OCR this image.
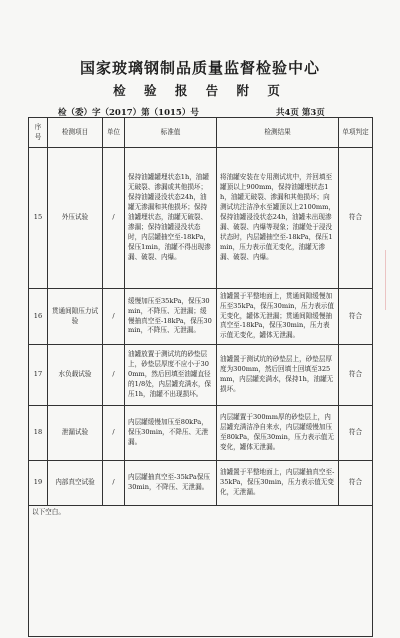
国家玻璃钢制品质量监督检验中心
检 验 报 告 附 页
检（委）字（2017）第（1015）号	共4页 第3页
序号	检测项目	单位	标准值	检测结果	单项判定
15	外压试验	/	保持油罐罐埋状态1h，油罐无破裂、渗漏或其他损坏；保持油罐浸没状态24h，油罐无渗漏和其他损坏；保持油罐埋状态，油罐无破裂、渗漏；保持油罐浸没状态时，内层罐抽空至-18kPa，保压1min，油罐不得出现渗漏、破裂、内爆。	将油罐安装在专用测试坑中，并回填至罐顶以上900mm，保持油罐埋状态1h，油罐无破裂、渗漏和其他损坏；向测试坑注洁净水至罐顶以上2100mm，保持油罐浸没状态24h，油罐未出现渗漏、破裂、内爆等现象；油罐处于浸没状态时，内层罐抽空至-18kPa，保压1min，压力表示值无变化，油罐无渗漏、破裂、内爆。	符合
16	贯通间隙压力试验	/	缓慢加压至35kPa，保压30min，不降压、无泄漏；缓慢抽真空至-18kPa，保压30min，不降压、无泄漏。	油罐置于平整地面上，贯通间隙缓慢加压至35kPa，保压30min，压力表示值无变化，罐体无泄漏；贯通间隙缓慢抽真空至-18kPa，保压30min，压力表示值无变化，罐体无泄漏。	符合
17	水负载试验	/	油罐放置于测试坑的砂垫层上，砂垫层厚度不应小于300mm，然后回填至油罐直径的1/8处，内层罐充满水，保压1h，油罐不出现损坏。	油罐置于测试坑的砂垫层上，砂垫层厚度为300mm，然后回填土回填至325mm，内层罐充满水，保持1h，油罐无损坏。	符合
18	泄漏试验	/	内层罐缓慢加压至80kPa，保压30min，不降压、无泄漏。	内层罐置于300mm厚的砂垫层上，内层罐充满洁净自来水，内层罐缓慢加压至80kPa，保压30min，压力表示值无变化，罐体无泄漏。	符合
19	内部真空试验	/	内层罐抽真空至-35kPa保压30min，不降压、无泄漏。	油罐置于平整地面上，内层罐抽真空至-35kPa，保压30min，压力表示值无变化，无泄漏。	符合
以下空白。					
